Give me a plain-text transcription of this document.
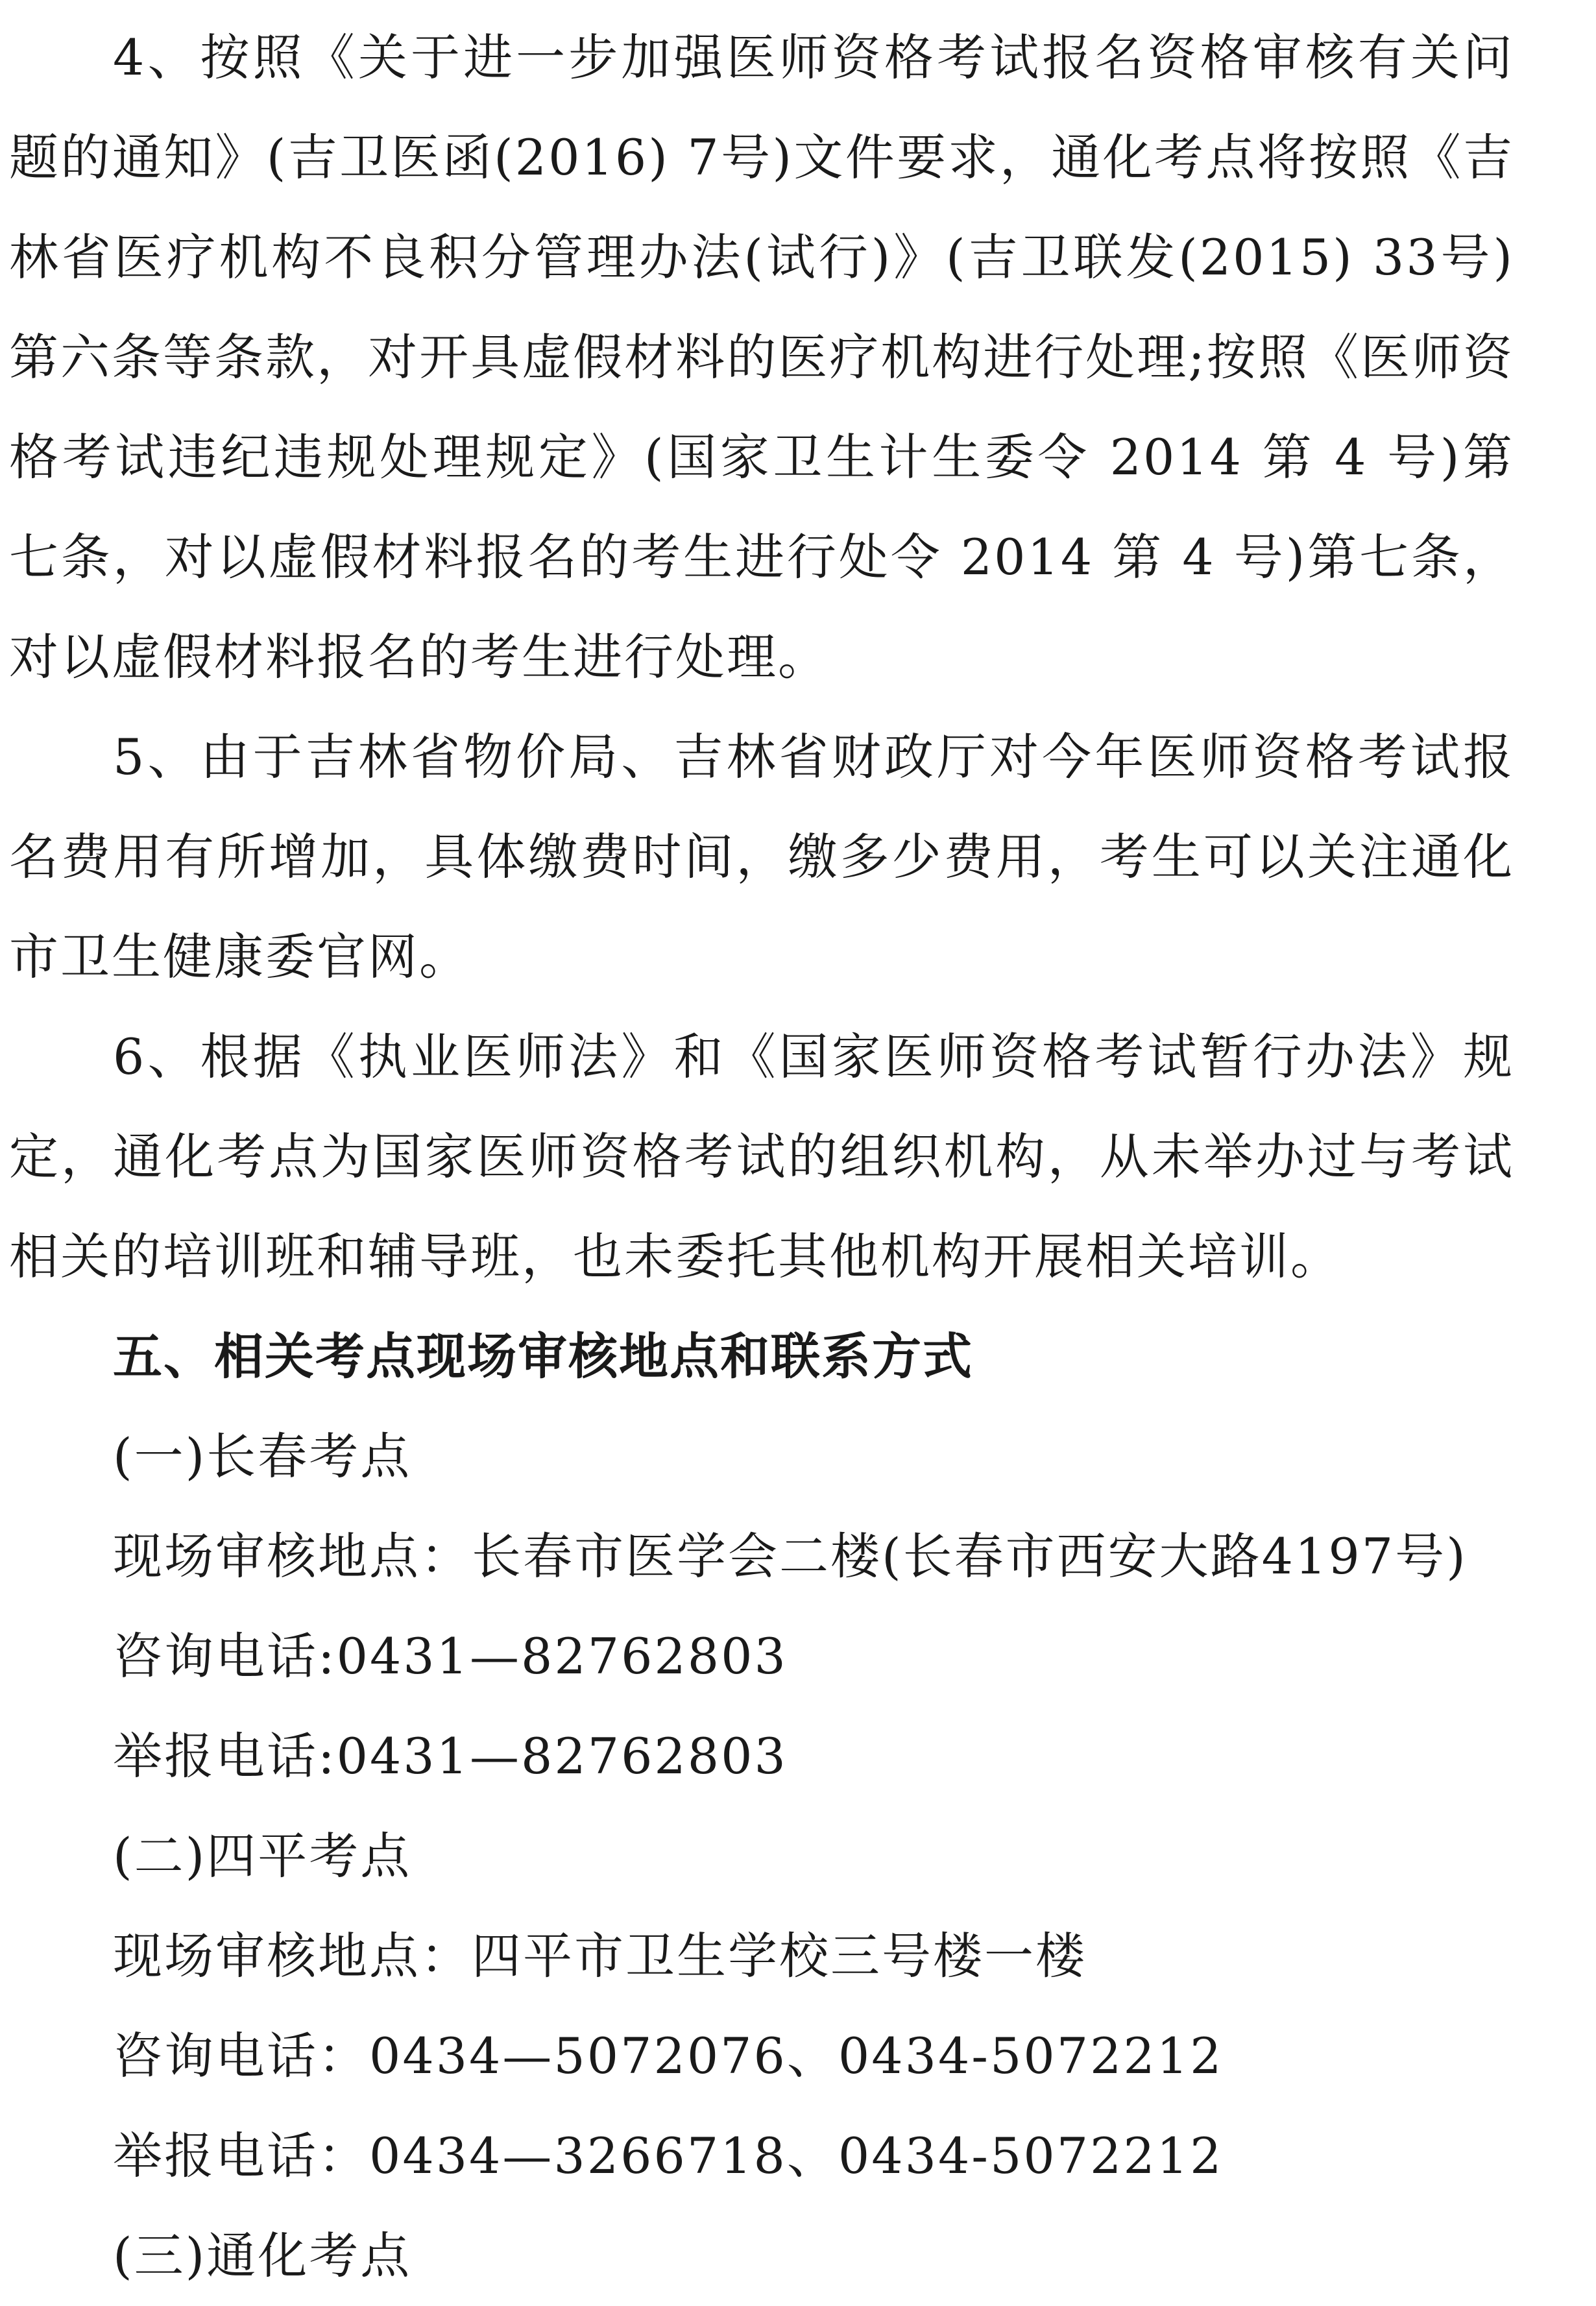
4、按照《关于进一步加强医师资格考试报名资格审核有关问题的通知》(吉卫医函(2016) 7号)文件要求，通化考点将按照《吉林省医疗机构不良积分管理办法(试行)》(吉卫联发(2015) 33号)第六条等条款，对开具虚假材料的医疗机构进行处理;按照《医师资格考试违纪违规处理规定》(国家卫生计生委令 2014 第 4 号)第七条，对以虚假材料报名的考生进行处令 2014 第 4 号)第七条，对以虚假材料报名的考生进行处理。

5、由于吉林省物价局、吉林省财政厅对今年医师资格考试报名费用有所增加，具体缴费时间，缴多少费用，考生可以关注通化市卫生健康委官网。

6、根据《执业医师法》和《国家医师资格考试暂行办法》规定，通化考点为国家医师资格考试的组织机构，从未举办过与考试相关的培训班和辅导班，也未委托其他机构开展相关培训。

五、相关考点现场审核地点和联系方式

(一)长春考点

现场审核地点：长春市医学会二楼(长春市西安大路4197号)

咨询电话:0431—82762803

举报电话:0431—82762803

(二)四平考点

现场审核地点：四平市卫生学校三号楼一楼

咨询电话：0434—5072076、0434-5072212

举报电话：0434—3266718、0434-5072212

(三)通化考点
